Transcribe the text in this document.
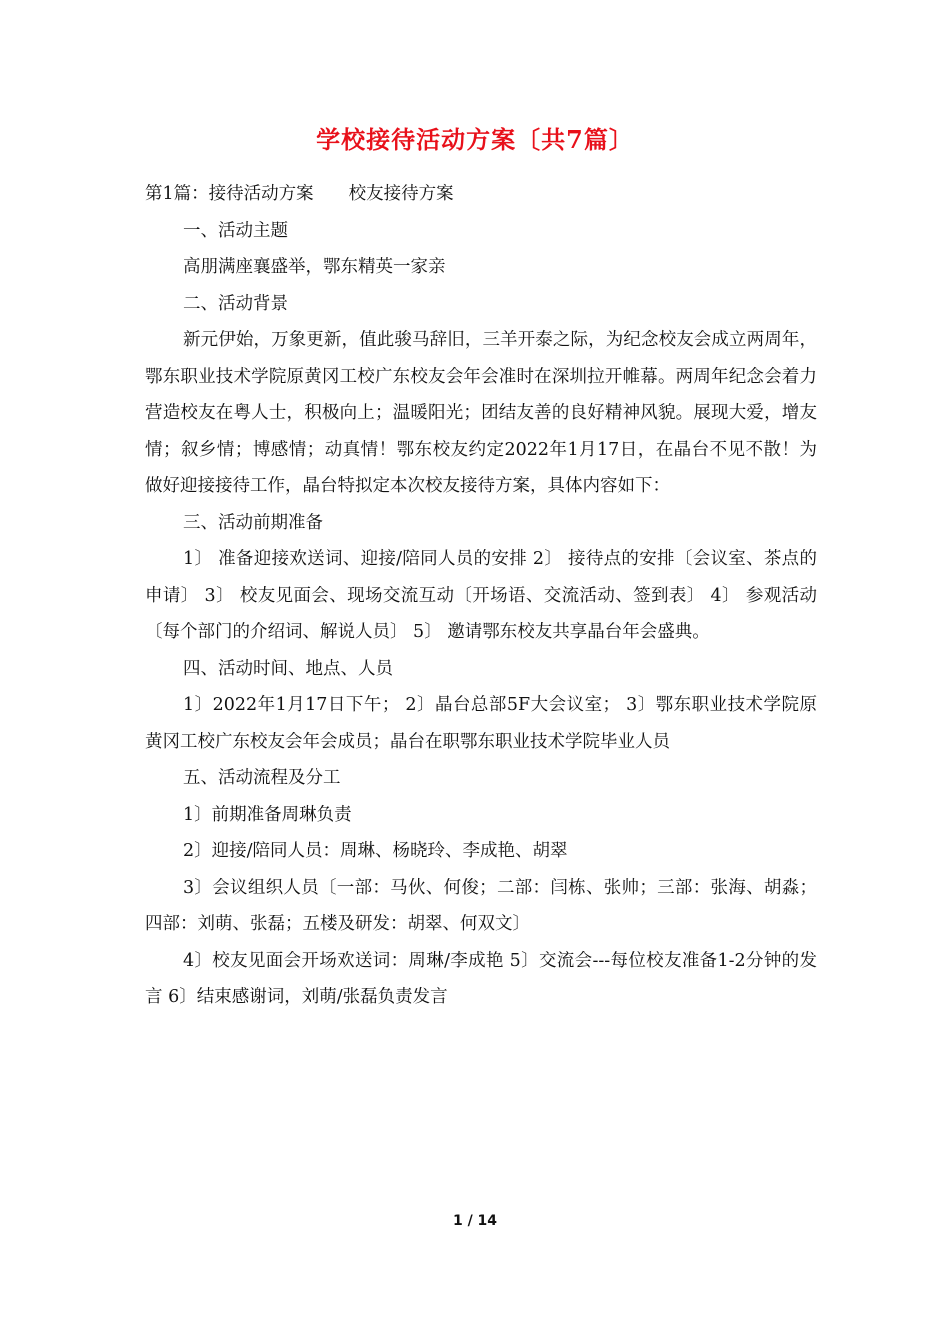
学校接待活动方案〔共7篇〕

第1篇：接待活动方案　　校友接待方案

一、活动主题

高朋满座襄盛举，鄂东精英一家亲

二、活动背景

新元伊始，万象更新，值此骏马辞旧，三羊开泰之际，为纪念校友会成立两周年，鄂东职业技术学院原黄冈工校广东校友会年会准时在深圳拉开帷幕。两周年纪念会着力营造校友在粤人士，积极向上；温暖阳光；团结友善的良好精神风貌。展现大爱，增友情；叙乡情；博感情；动真情！鄂东校友约定2022年1月17日，在晶台不见不散！为做好迎接接待工作，晶台特拟定本次校友接待方案，具体内容如下：

三、活动前期准备

1〕 准备迎接欢送词、迎接/陪同人员的安排 2〕 接待点的安排〔会议室、茶点的申请〕 3〕 校友见面会、现场交流互动〔开场语、交流活动、签到表〕 4〕 参观活动〔每个部门的介绍词、解说人员〕 5〕 邀请鄂东校友共享晶台年会盛典。

四、活动时间、地点、人员

1〕2022年1月17日下午； 2〕晶台总部5F大会议室； 3〕鄂东职业技术学院原黄冈工校广东校友会年会成员；晶台在职鄂东职业技术学院毕业人员

五、活动流程及分工

1〕前期准备周琳负责

2〕迎接/陪同人员：周琳、杨晓玲、李成艳、胡翠

3〕会议组织人员〔一部：马伙、何俊；二部：闫栋、张帅；三部：张海、胡淼；四部：刘萌、张磊；五楼及研发：胡翠、何双文〕

4〕校友见面会开场欢送词：周琳/李成艳 5〕交流会---每位校友准备1-2分钟的发言 6〕结束感谢词，刘萌/张磊负责发言

1 / 14
